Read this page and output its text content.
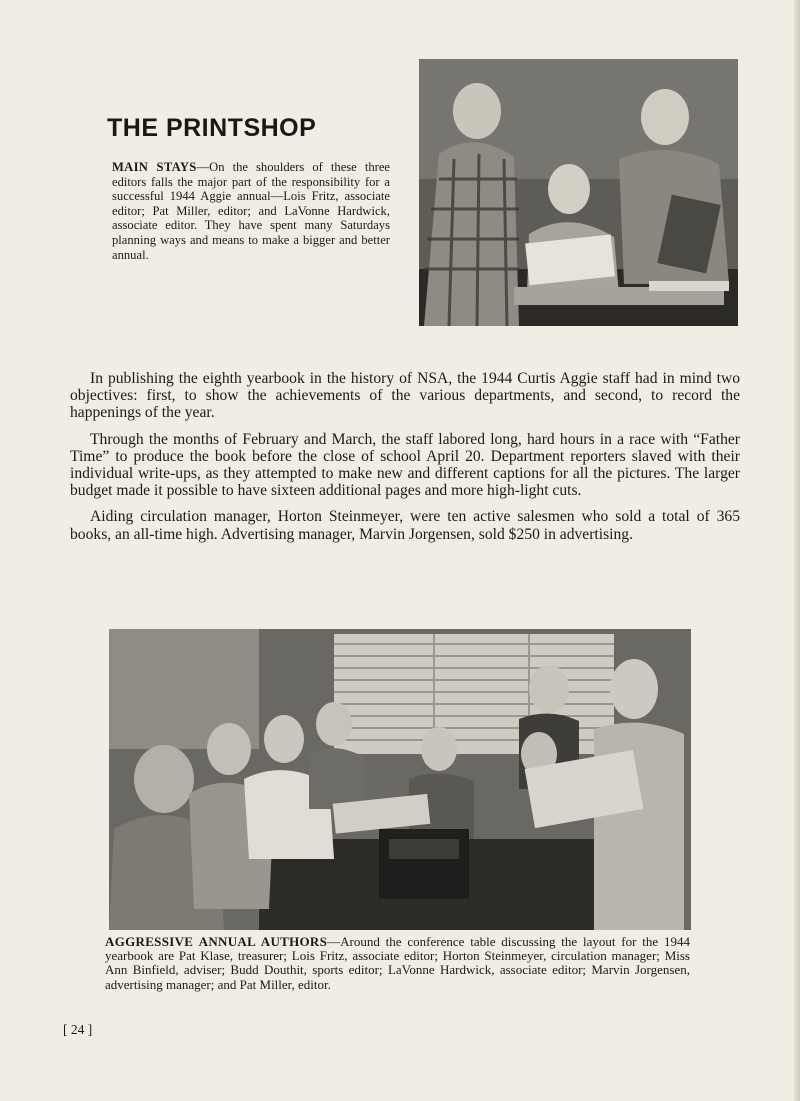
THE PRINTSHOP
MAIN STAYS—On the shoulders of these three editors falls the major part of the responsibility for a successful 1944 Aggie annual—Lois Fritz, associate editor; Pat Miller, editor; and LaVonne Hardwick, associate editor. They have spent many Saturdays planning ways and means to make a bigger and better annual.

In publishing the eighth yearbook in the history of NSA, the 1944 Curtis Aggie staff had in mind two objectives: first, to show the achievements of the various departments, and second, to record the happenings of the year.

Through the months of February and March, the staff labored long, hard hours in a race with “Father Time” to produce the book before the close of school April 20. Department reporters slaved with their individual write-ups, as they attempted to make new and different captions for all the pictures. The larger budget made it possible to have sixteen additional pages and more high-light cuts.

Aiding circulation manager, Horton Steinmeyer, were ten active salesmen who sold a total of 365 books, an all-time high. Advertising manager, Marvin Jorgensen, sold $250 in advertising.

AGGRESSIVE ANNUAL AUTHORS—Around the conference table discussing the layout for the 1944 yearbook are Pat Klase, treasurer; Lois Fritz, associate editor; Horton Steinmeyer, circulation manager; Miss Ann Binfield, adviser; Budd Douthit, sports editor; LaVonne Hardwick, associate editor; Marvin Jorgensen, advertising manager; and Pat Miller, editor.
[ 24 ]
